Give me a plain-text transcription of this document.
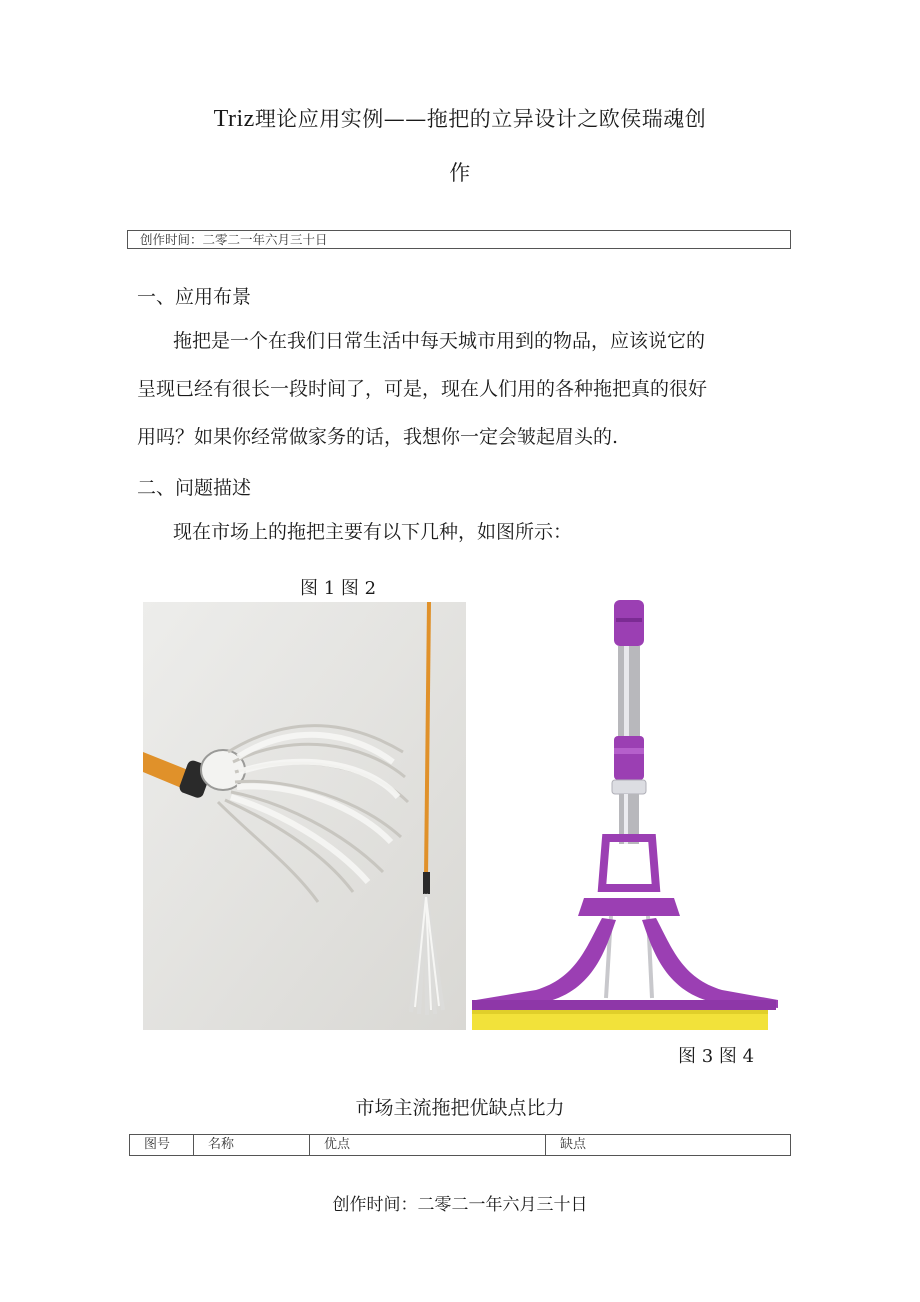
Triz理论应用实例——拖把的立异设计之欧侯瑞魂创
作
创作时间：二零二一年六月三十日
一、应用布景
拖把是一个在我们日常生活中每天城市用到的物品，应该说它的
呈现已经有很长一段时间了，可是，现在人们用的各种拖把真的很好
用吗？如果你经常做家务的话，我想你一定会皱起眉头的.
二、问题描述
现在市场上的拖把主要有以下几种，如图所示：
图 1 图 2
图 3 图 4
市场主流拖把优缺点比力
图号	名称	优点	缺点
创作时间：二零二一年六月三十日
